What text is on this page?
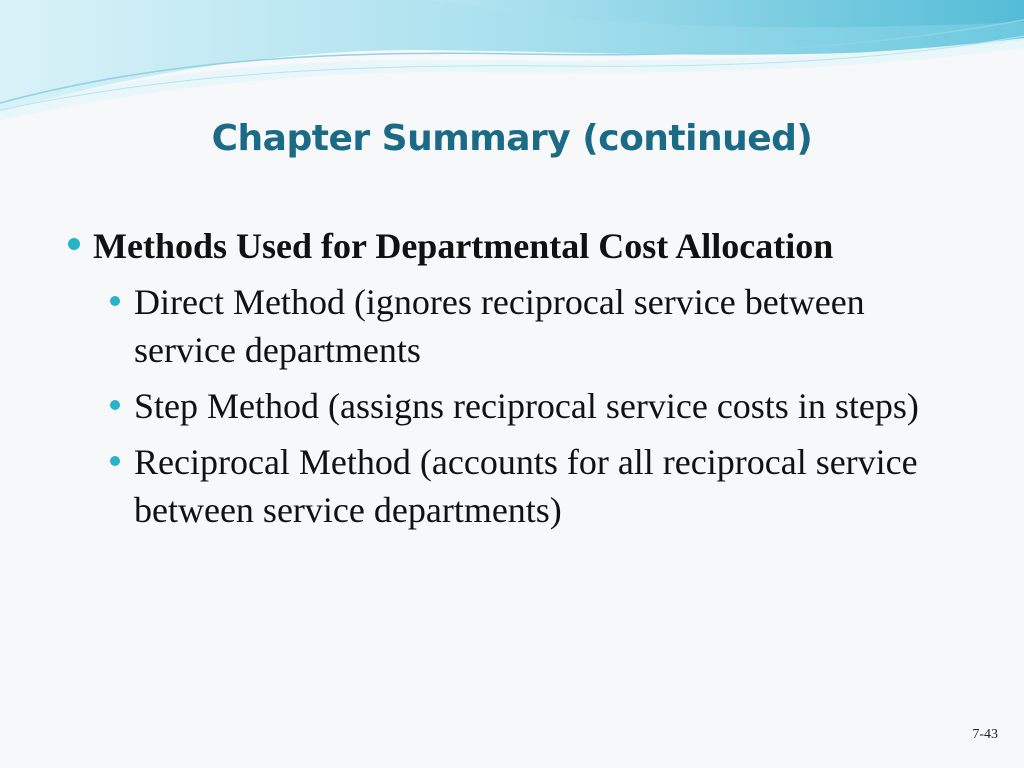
Chapter Summary (continued)
Methods Used for Departmental Cost Allocation
Direct Method (ignores reciprocal service between service departments
Step Method (assigns reciprocal service costs in steps)
Reciprocal Method (accounts for all reciprocal service between service departments)
7-43
